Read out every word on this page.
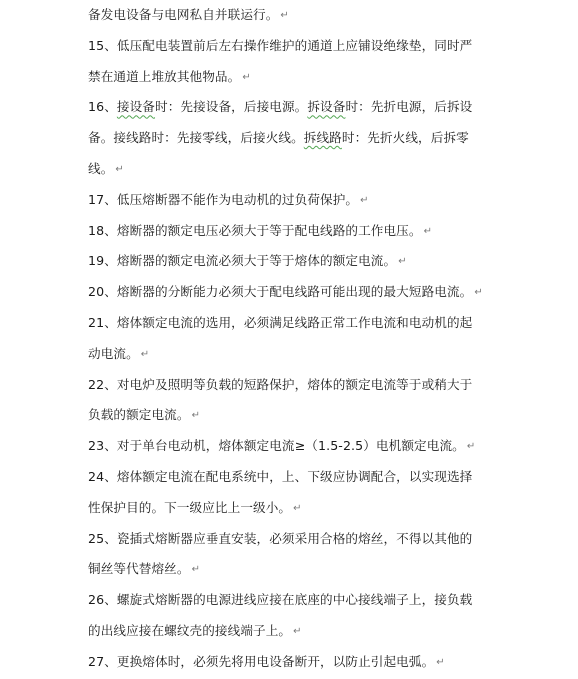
备发电设备与电网私自并联运行。 ↵
15、低压配电装置前后左右操作维护的通道上应铺设绝缘垫，同时严
禁在通道上堆放其他物品。 ↵
16、接设备时：先接设备，后接电源。拆设备时：先折电源，后拆设
备。接线路时：先接零线，后接火线。拆线路时：先折火线，后拆零
线。 ↵
17、低压熔断器不能作为电动机的过负荷保护。 ↵
18、熔断器的额定电压必须大于等于配电线路的工作电压。 ↵
19、熔断器的额定电流必须大于等于熔体的额定电流。 ↵
20、熔断器的分断能力必须大于配电线路可能出现的最大短路电流。 ↵
21、熔体额定电流的选用，必须满足线路正常工作电流和电动机的起
动电流。 ↵
22、对电炉及照明等负载的短路保护，熔体的额定电流等于或稍大于
负载的额定电流。 ↵
23、对于单台电动机，熔体额定电流≥（1.5-2.5）电机额定电流。 ↵
24、熔体额定电流在配电系统中，上、下级应协调配合，以实现选择
性保护目的。下一级应比上一级小。 ↵
25、瓷插式熔断器应垂直安装，必须采用合格的熔丝，不得以其他的
铜丝等代替熔丝。 ↵
26、螺旋式熔断器的电源进线应接在底座的中心接线端子上，接负载
的出线应接在螺纹壳的接线端子上。 ↵
27、更换熔体时，必须先将用电设备断开，以防止引起电弧。 ↵
